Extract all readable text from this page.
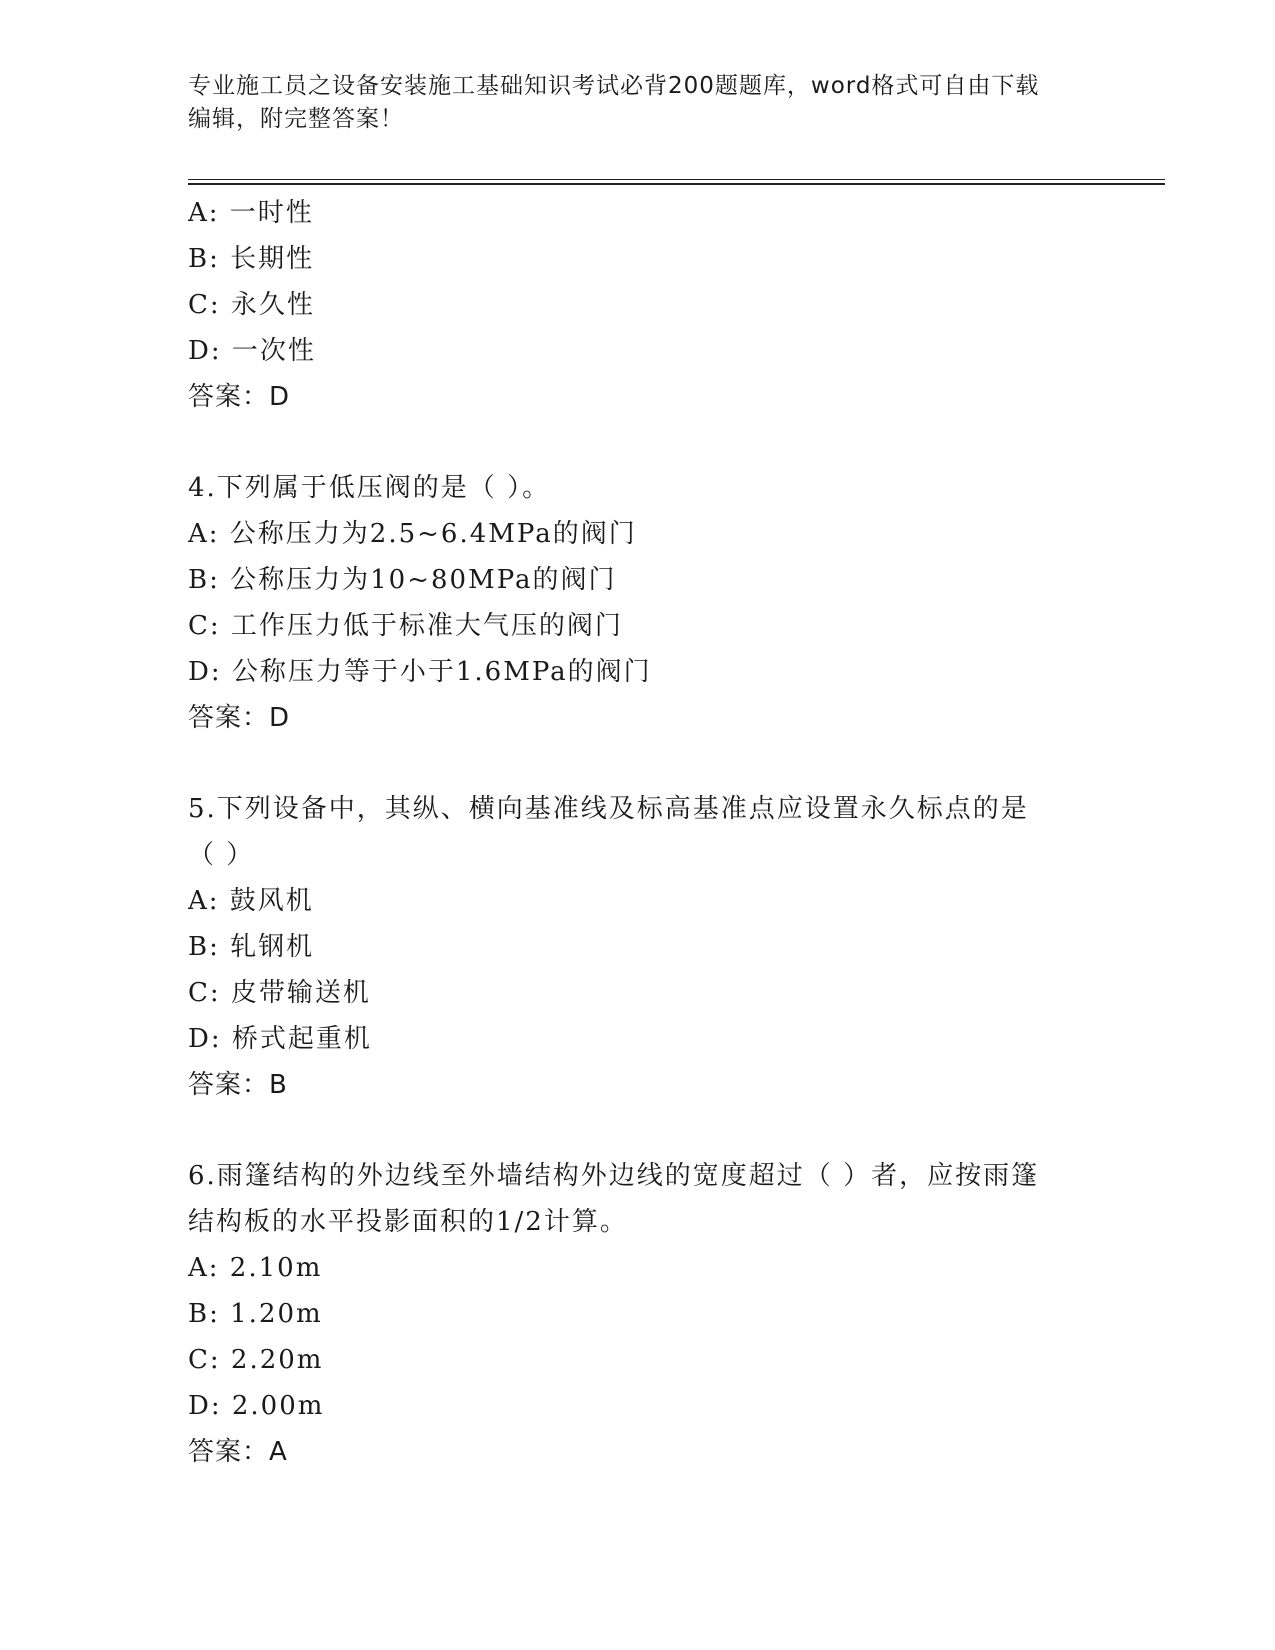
专业施工员之设备安装施工基础知识考试必背200题题库，word格式可自由下载
编辑，附完整答案！
A: 一时性
B: 长期性
C: 永久性
D: 一次性
答案：D
4.下列属于低压阀的是（ ）。
A: 公称压力为2.5~6.4MPa的阀门
B: 公称压力为10~80MPa的阀门
C: 工作压力低于标准大气压的阀门
D: 公称压力等于小于1.6MPa的阀门
答案：D
5.下列设备中，其纵、横向基准线及标高基准点应设置永久标点的是
（ ）
A: 鼓风机
B: 轧钢机
C: 皮带输送机
D: 桥式起重机
答案：B
6.雨篷结构的外边线至外墙结构外边线的宽度超过（ ）者，应按雨篷
结构板的水平投影面积的1/2计算。
A: 2.10m
B: 1.20m
C: 2.20m
D: 2.00m
答案：A
